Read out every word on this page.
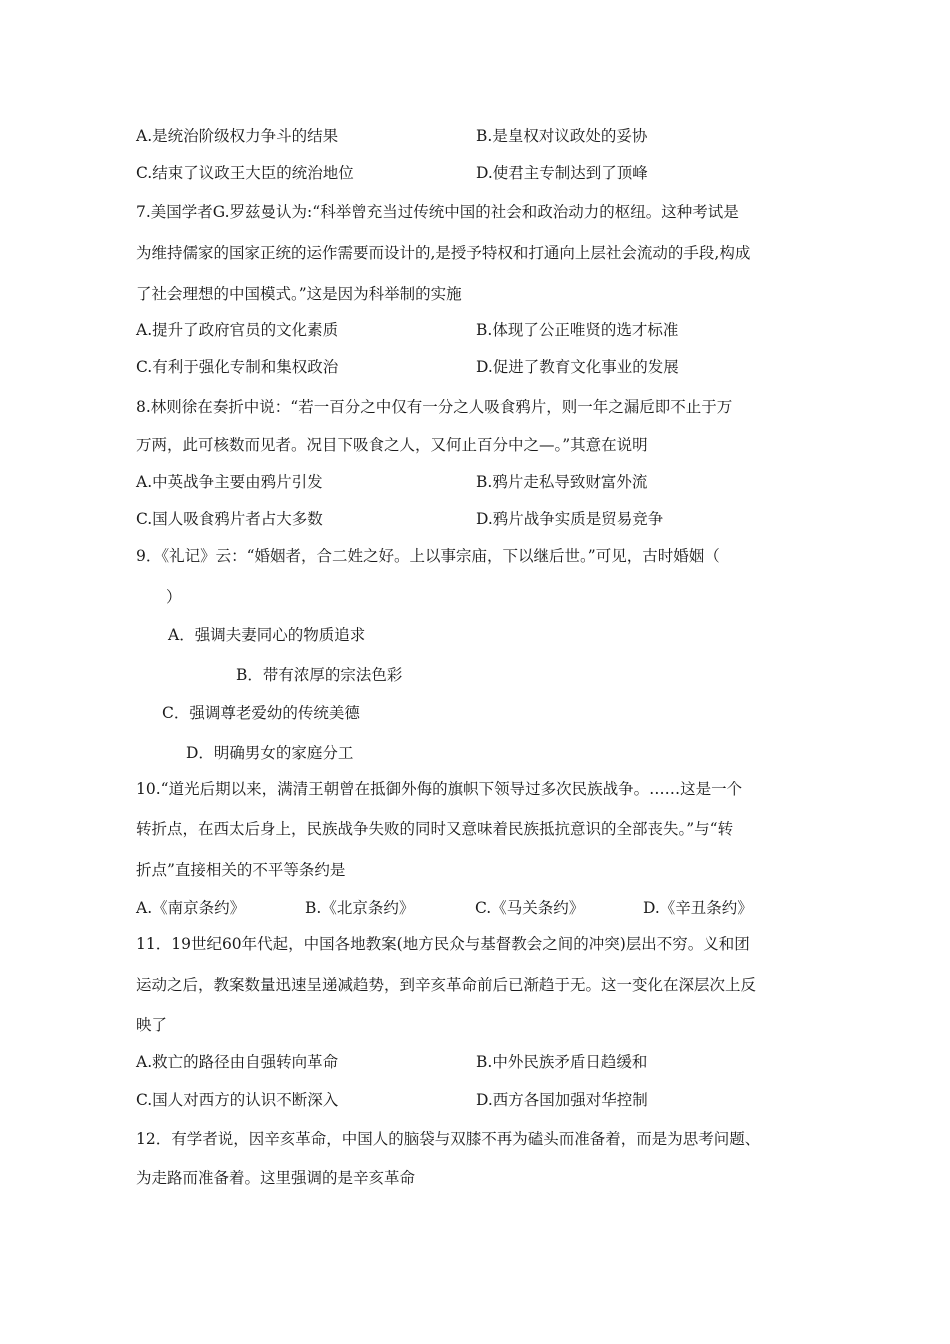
A.是统治阶级权力争斗的结果	B.是皇权对议政处的妥协
C.结束了议政王大臣的统治地位	D.使君主专制达到了顶峰
7.美国学者G.罗兹曼认为:“科举曾充当过传统中国的社会和政治动力的枢纽。这种考试是
为维持儒家的国家正统的运作需要而设计的,是授予特权和打通向上层社会流动的手段,构成
了社会理想的中国模式。”这是因为科举制的实施
A.提升了政府官员的文化素质	B.体现了公正唯贤的选才标准
C.有利于强化专制和集权政治	D.促进了教育文化事业的发展
8.林则徐在奏折中说：“若一百分之中仅有一分之人吸食鸦片，则一年之漏卮即不止于万
万两，此可核数而见者。况目下吸食之人，又何止百分中之—。”其意在说明
A.中英战争主要由鸦片引发	B.鸦片走私导致财富外流
C.国人吸食鸦片者占大多数	D.鸦片战争实质是贸易竞争
9．《礼记》云：“婚姻者，合二姓之好。上以事宗庙，下以继后世。”可见，古时婚姻（
）
A．强调夫妻同心的物质追求
B．带有浓厚的宗法色彩
C．强调尊老爱幼的传统美德
D．明确男女的家庭分工
10.“道光后期以来，满清王朝曾在抵御外侮的旗帜下领导过多次民族战争。……这是一个
转折点，在西太后身上，民族战争失败的同时又意味着民族抵抗意识的全部丧失。”与“转
折点”直接相关的不平等条约是
A.《南京条约》	B.《北京条约》	C.《马关条约》	D.《辛丑条约》
11．19世纪60年代起，中国各地教案(地方民众与基督教会之间的冲突)层出不穷。义和团
运动之后，教案数量迅速呈递减趋势，到辛亥革命前后已渐趋于无。这一变化在深层次上反
映了
A.救亡的路径由自强转向革命	B.中外民族矛盾日趋缓和
C.国人对西方的认识不断深入	D.西方各国加强对华控制
12．有学者说，因辛亥革命，中国人的脑袋与双膝不再为磕头而准备着，而是为思考问题、
为走路而准备着。这里强调的是辛亥革命
